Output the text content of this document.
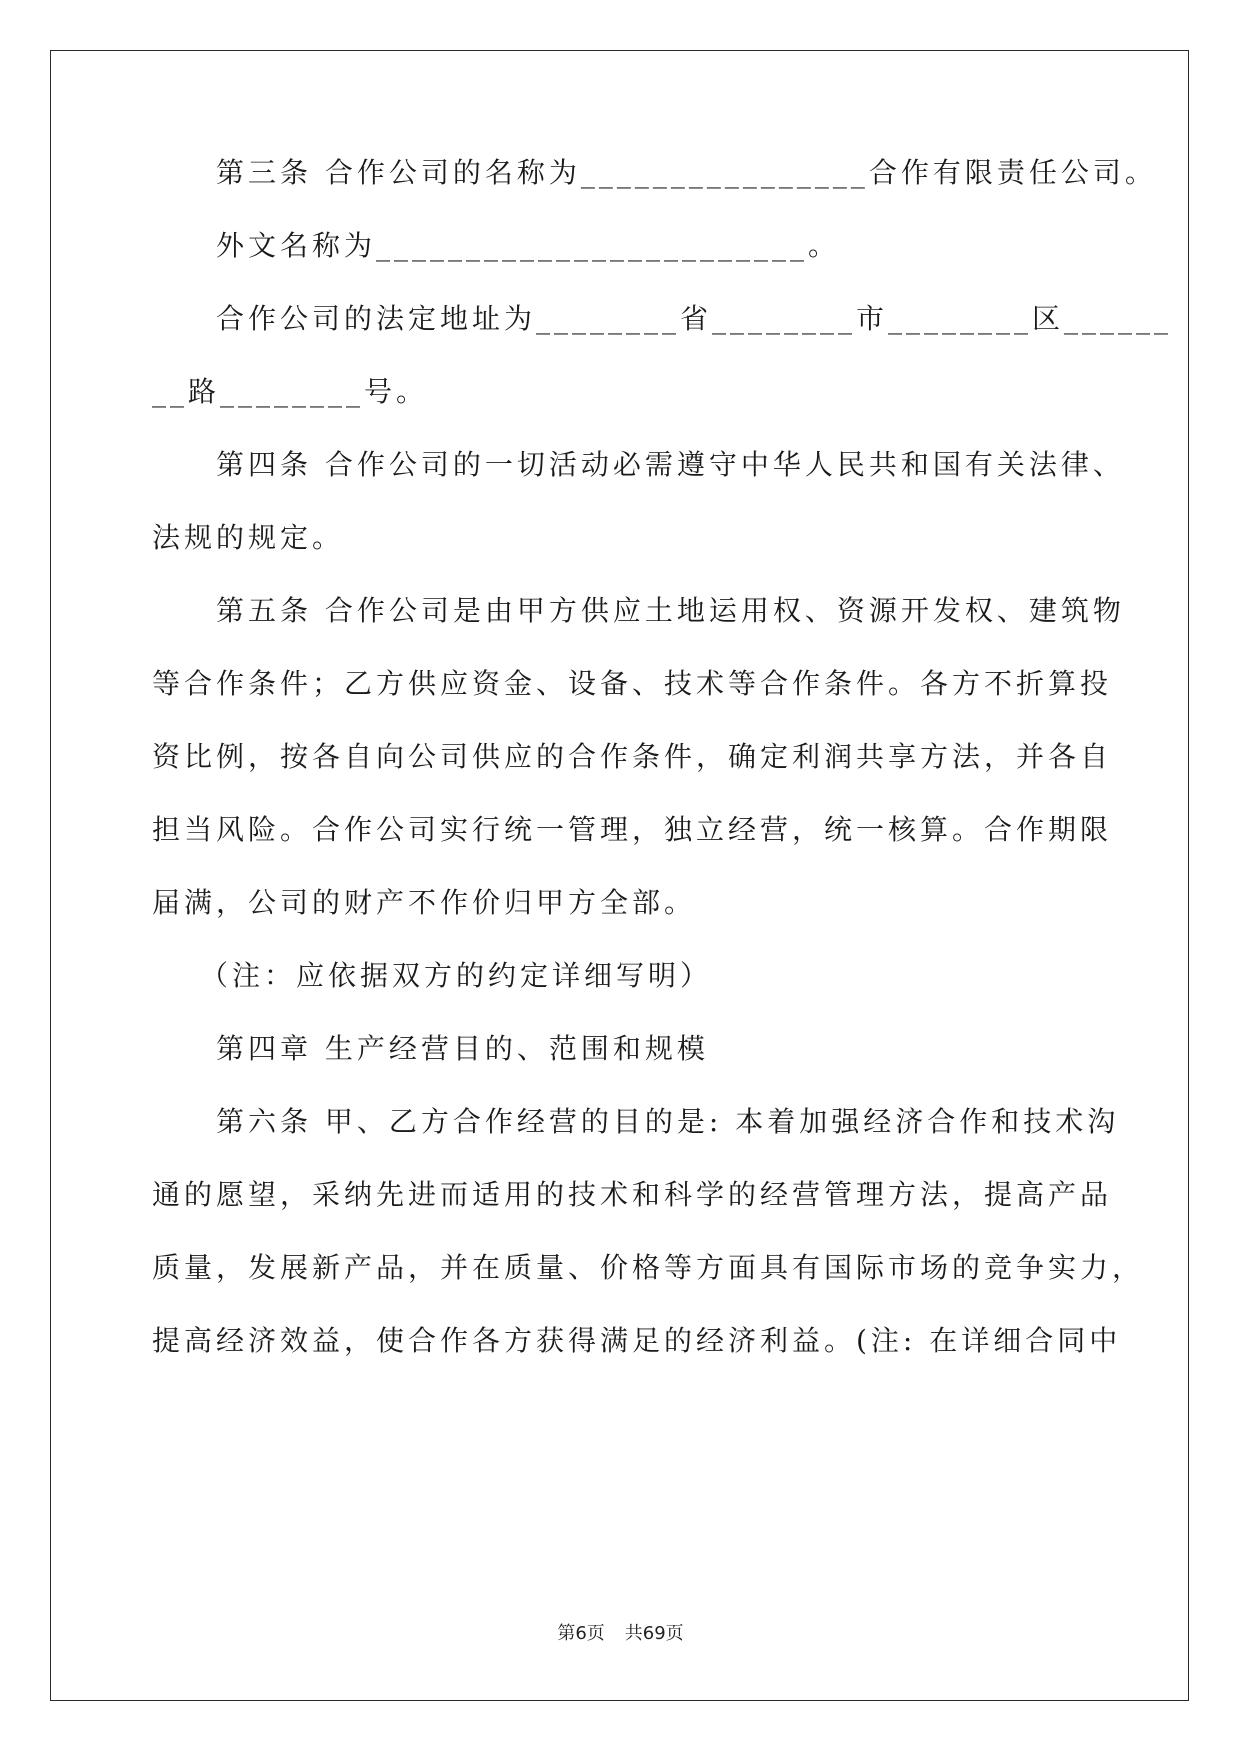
第三条 合作公司的名称为________________合作有限责任公司。
外文名称为________________________。
合作公司的法定地址为________省________市________区______
__路________号。
第四条 合作公司的一切活动必需遵守中华人民共和国有关法律、
法规的规定。
第五条 合作公司是由甲方供应土地运用权、资源开发权、建筑物
等合作条件；乙方供应资金、设备、技术等合作条件。各方不折算投
资比例，按各自向公司供应的合作条件，确定利润共享方法，并各自
担当风险。合作公司实行统一管理，独立经营，统一核算。合作期限
届满，公司的财产不作价归甲方全部。
（注：应依据双方的约定详细写明）
第四章 生产经营目的、范围和规模
第六条 甲、乙方合作经营的目的是: 本着加强经济合作和技术沟
通的愿望，采纳先进而适用的技术和科学的经营管理方法，提高产品
质量，发展新产品，并在质量、价格等方面具有国际市场的竞争实力，
提高经济效益，使合作各方获得满足的经济利益。(注: 在详细合同中
第6页 共69页
